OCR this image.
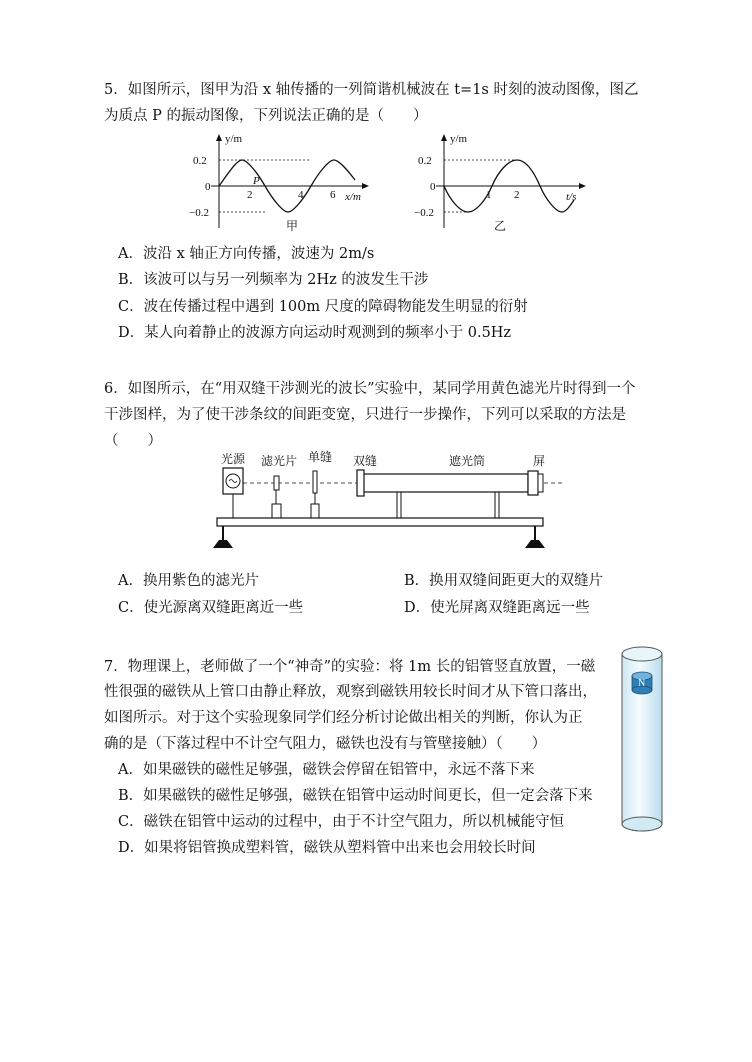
5．如图所示，图甲为沿 x 轴传播的一列简谐机械波在 t=1s 时刻的波动图像，图乙
为质点 P 的振动图像，下列说法正确的是（　　）
y/m
0.2
0
−0.2
P
2	4 6 x/m
甲
y/m
0.2
0
−0.2
1 2	t/s
乙
A．波沿 x 轴正方向传播，波速为 2m/s
B．该波可以与另一列频率为 2Hz 的波发生干涉
C．波在传播过程中遇到 100m 尺度的障碍物能发生明显的衍射
D．某人向着静止的波源方向运动时观测到的频率小于 0.5Hz
6．如图所示，在“用双缝干涉测光的波长”实验中，某同学用黄色滤光片时得到一个
干涉图样，为了使干涉条纹的间距变宽，只进行一步操作，下列可以采取的方法是
（　　）
光源 滤光片 单缝 双缝	遮光筒	屏
A．换用紫色的滤光片	B．换用双缝间距更大的双缝片
C．使光源离双缝距离近一些	D．使光屏离双缝距离远一些
7．物理课上，老师做了一个“神奇”的实验：将 1m 长的铝管竖直放置，一磁
性很强的磁铁从上管口由静止释放，观察到磁铁用较长时间才从下管口落出，
如图所示。对于这个实验现象同学们经分析讨论做出相关的判断，你认为正
确的是（下落过程中不计空气阻力，磁铁也没有与管壁接触）（　　）
N
A．如果磁铁的磁性足够强，磁铁会停留在铝管中，永远不落下来
B．如果磁铁的磁性足够强，磁铁在铝管中运动时间更长，但一定会落下来
C．磁铁在铝管中运动的过程中，由于不计空气阻力，所以机械能守恒
D．如果将铝管换成塑料管，磁铁从塑料管中出来也会用较长时间
